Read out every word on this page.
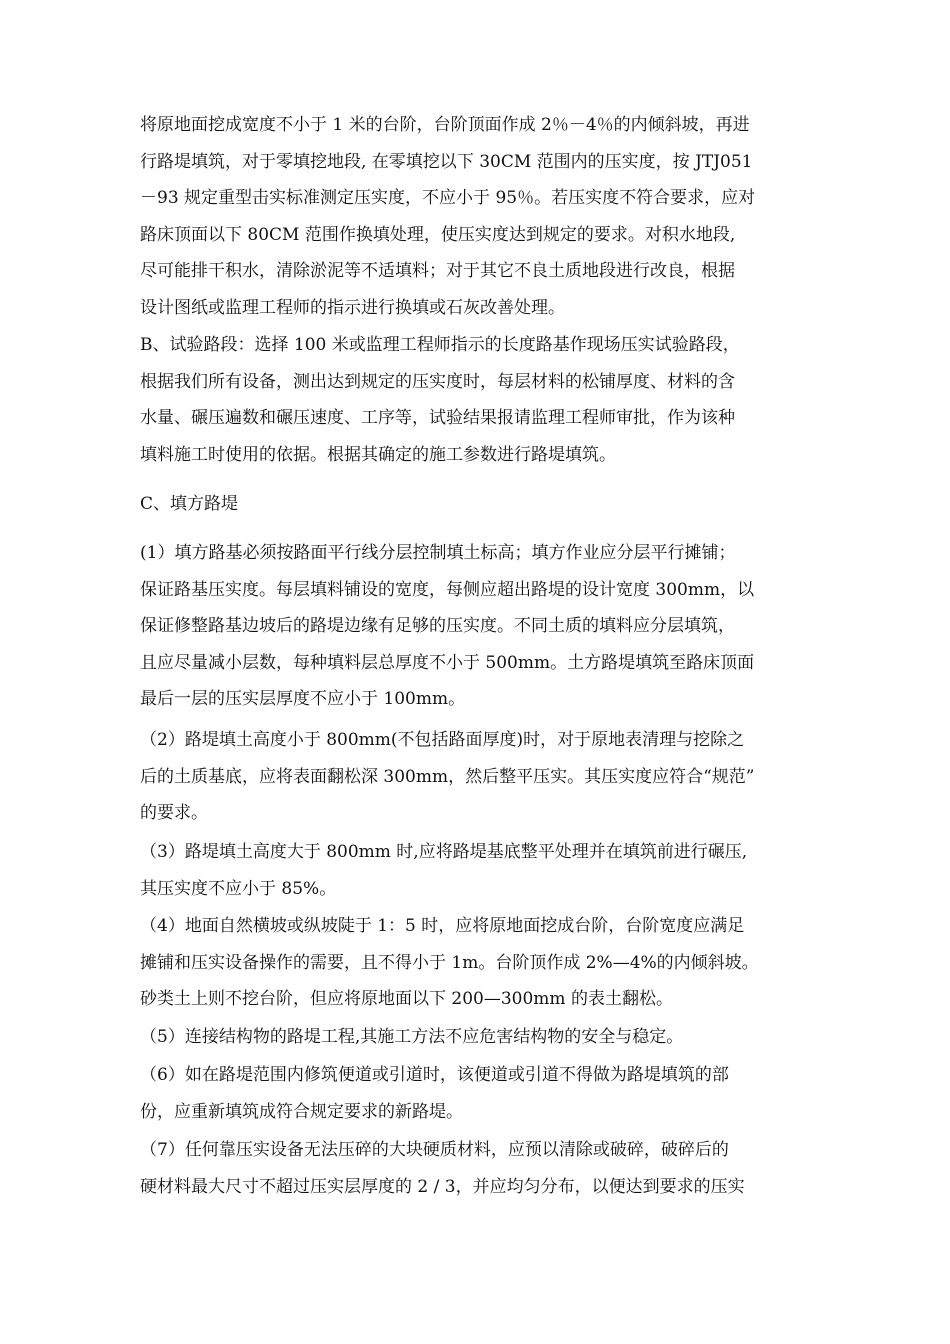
将原地面挖成宽度不小于 1 米的台阶，台阶顶面作成 2％－4％的内倾斜坡，再进
行路堤填筑，对于零填挖地段, 在零填挖以下 30CM 范围内的压实度，按 JTJ051
－93 规定重型击实标准测定压实度，不应小于 95％。若压实度不符合要求，应对
路床顶面以下 80CM 范围作换填处理，使压实度达到规定的要求。对积水地段,
尽可能排干积水，清除淤泥等不适填料；对于其它不良土质地段进行改良，根据
设计图纸或监理工程师的指示进行换填或石灰改善处理。
B、试验路段：选择 100 米或监理工程师指示的长度路基作现场压实试验路段，
根据我们所有设备，测出达到规定的压实度时，每层材料的松铺厚度、材料的含
水量、碾压遍数和碾压速度、工序等，试验结果报请监理工程师审批，作为该种
填料施工时使用的依据。根据其确定的施工参数进行路堤填筑。
C、填方路堤
(1）填方路基必须按路面平行线分层控制填土标高；填方作业应分层平行摊铺；
保证路基压实度。每层填料铺设的宽度，每侧应超出路堤的设计宽度 300mm，以
保证修整路基边坡后的路堤边缘有足够的压实度。不同土质的填料应分层填筑，
且应尽量减小层数，每种填料层总厚度不小于 500mm。土方路堤填筑至路床顶面
最后一层的压实层厚度不应小于 100mm。
（2）路堤填土高度小于 800mm(不包括路面厚度)时，对于原地表清理与挖除之
后的土质基底，应将表面翻松深 300mm，然后整平压实。其压实度应符合“规范”
的要求。
（3）路堤填土高度大于 800mm 时,应将路堤基底整平处理并在填筑前进行碾压,
其压实度不应小于 85%。
（4）地面自然横坡或纵坡陡于 1：5 时，应将原地面挖成台阶，台阶宽度应满足
摊铺和压实设备操作的需要，且不得小于 1m。台阶顶作成 2%—4%的内倾斜坡。
砂类土上则不挖台阶，但应将原地面以下 200—300mm 的表土翻松。
（5）连接结构物的路堤工程,其施工方法不应危害结构物的安全与稳定。
（6）如在路堤范围内修筑便道或引道时，该便道或引道不得做为路堤填筑的部
份，应重新填筑成符合规定要求的新路堤。
（7）任何靠压实设备无法压碎的大块硬质材料，应预以清除或破碎，破碎后的
硬材料最大尺寸不超过压实层厚度的 2 / 3，并应均匀分布，以便达到要求的压实
